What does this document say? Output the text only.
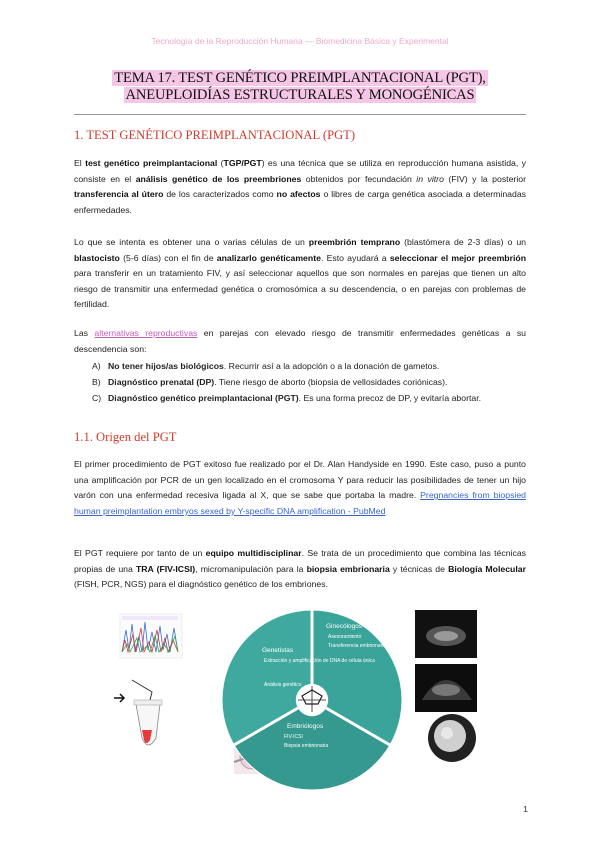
Tecnología de la Reproducción Humana — Biomedicina Básica y Experimental
TEMA 17. TEST GENÉTICO PREIMPLANTACIONAL (PGT),
ANEUPLOIDÍAS ESTRUCTURALES Y MONOGÉNICAS
1. TEST GENÉTICO PREIMPLANTACIONAL (PGT)

El test genético preimplantacional (TGP/PGT) es una técnica que se utiliza en reproducción humana asistida, y consiste en el análisis genético de los preembriones obtenidos por fecundación in vitro (FIV) y la posterior transferencia al útero de los caracterizados como no afectos o libres de carga genética asociada a determinadas enfermedades.

Lo que se intenta es obtener una o varias células de un preembrión temprano (blastómera de 2-3 días) o un blastocisto (5-6 días) con el fin de analizarlo genéticamente. Esto ayudará a seleccionar el mejor preembrión para transferir en un tratamiento FIV, y así seleccionar aquellos que son normales en parejas que tienen un alto riesgo de transmitir una enfermedad genética o cromosómica a su descendencia, o en parejas con problemas de fertilidad.

Las alternativas reproductivas en parejas con elevado riesgo de transmitir enfermedades genéticas a su descendencia son:

A) No tener hijos/as biológicos. Recurrir así a la adopción o a la donación de gametos.
B) Diagnóstico prenatal (DP). Tiene riesgo de aborto (biopsia de vellosidades coriónicas).
C) Diagnóstico genético preimplantacional (PGT). Es una forma precoz de DP, y evitaría abortar.
1.1. Origen del PGT

El primer procedimiento de PGT exitoso fue realizado por el Dr. Alan Handyside en 1990. Este caso, puso a punto una amplificación por PCR de un gen localizado en el cromosoma Y para reducir las posibilidades de tener un hijo varón con una enfermedad recesiva ligada al X, que se sabe que portaba la madre. Pregnancies from biopsied human preimplantation embryos sexed by Y-specific DNA amplification - PubMed

El PGT requiere por tanto de un equipo multidisciplinar. Se trata de un procedimiento que combina las técnicas propias de una TRA (FIV-ICSI), micromanipulación para la biopsia embrionaria y técnicas de Biología Molecular (FISH, PCR, NGS) para el diagnóstico genético de los embriones.

Genetistas
Extracción y amplificación de DNA de célula única
Análisis genético
Ginecólogos
Asesoramiento
Transferencia embrionaria
Embriólogos
FIV-ICSI
Biopsia embrionaria
1
